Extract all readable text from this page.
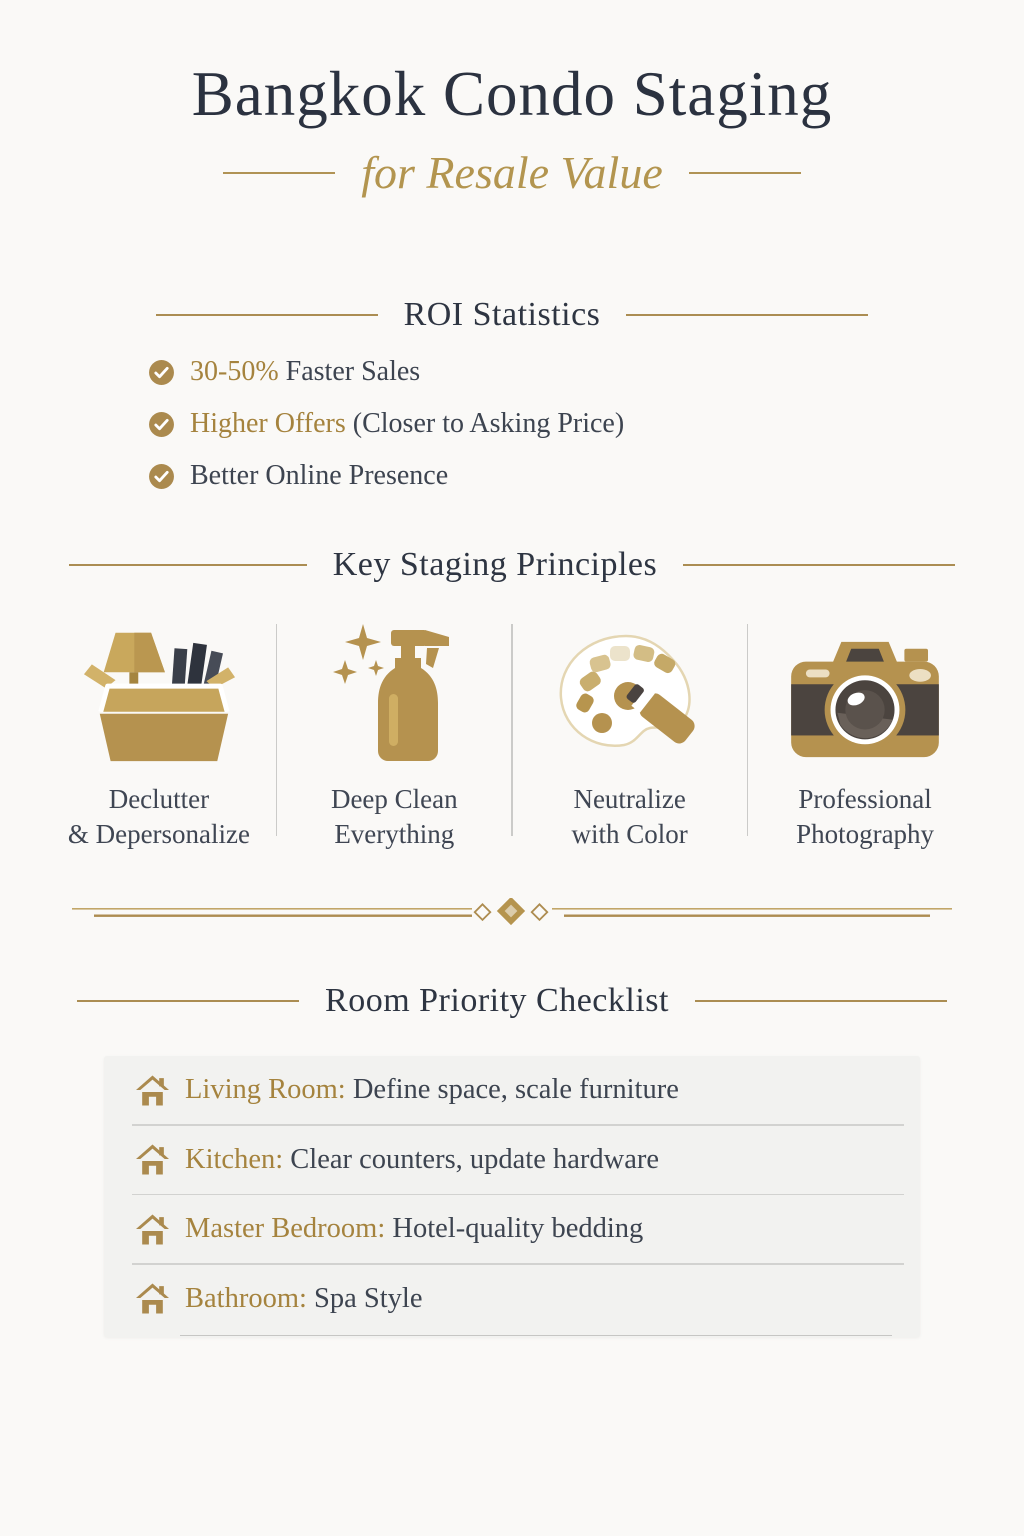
Bangkok Condo Staging
for Resale Value
ROI Statistics
30-50% Faster Sales
Higher Offers (Closer to Asking Price)
Better Online Presence
Key Staging Principles
Declutter
& Depersonalize
Deep Clean
Everything
Neutralize
with Color
Professional
Photography
Room Priority Checklist
Living Room: Define space, scale furniture
Kitchen: Clear counters, update hardware
Master Bedroom: Hotel-quality bedding
Bathroom: Spa Style
